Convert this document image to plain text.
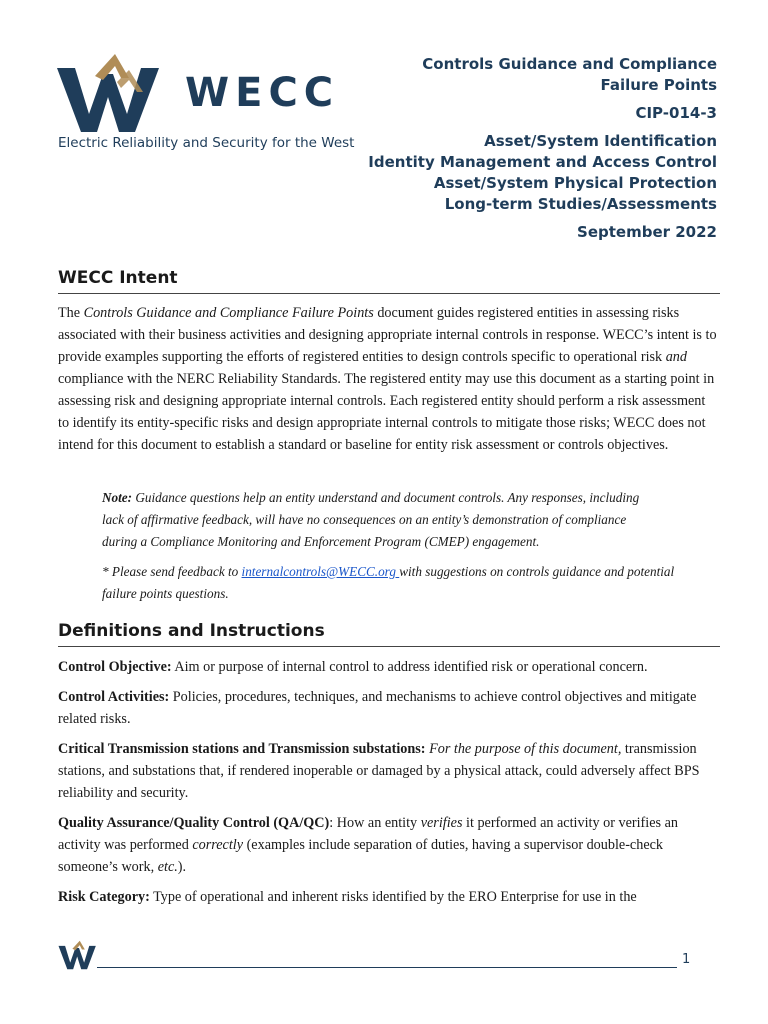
WECC
Electric Reliability and Security for the West
Controls Guidance and Compliance
Failure Points
CIP-014-3
Asset/System Identification
Identity Management and Access Control
Asset/System Physical Protection
Long-term Studies/Assessments
September 2022
WECC Intent
The Controls Guidance and Compliance Failure Points document guides registered entities in assessing risks associated with their business activities and designing appropriate internal controls in response. WECC’s intent is to provide examples supporting the efforts of registered entities to design controls specific to operational risk and compliance with the NERC Reliability Standards. The registered entity may use this document as a starting point in assessing risk and designing appropriate internal controls. Each registered entity should perform a risk assessment to identify its entity-specific risks and design appropriate internal controls to mitigate those risks; WECC does not intend for this document to establish a standard or baseline for entity risk assessment or controls objectives.
Note: Guidance questions help an entity understand and document controls. Any responses, including lack of affirmative feedback, will have no consequences on an entity’s demonstration of compliance during a Compliance Monitoring and Enforcement Program (CMEP) engagement.
* Please send feedback to internalcontrols@WECC.org with suggestions on controls guidance and potential failure points questions.
Definitions and Instructions
Control Objective: Aim or purpose of internal control to address identified risk or operational concern.
Control Activities: Policies, procedures, techniques, and mechanisms to achieve control objectives and mitigate related risks.
Critical Transmission stations and Transmission substations: For the purpose of this document, transmission stations, and substations that, if rendered inoperable or damaged by a physical attack, could adversely affect BPS reliability and security.
Quality Assurance/Quality Control (QA/QC): How an entity verifies it performed an activity or verifies an activity was performed correctly (examples include separation of duties, having a supervisor double-check someone’s work, etc.).
Risk Category: Type of operational and inherent risks identified by the ERO Enterprise for use in the
1
